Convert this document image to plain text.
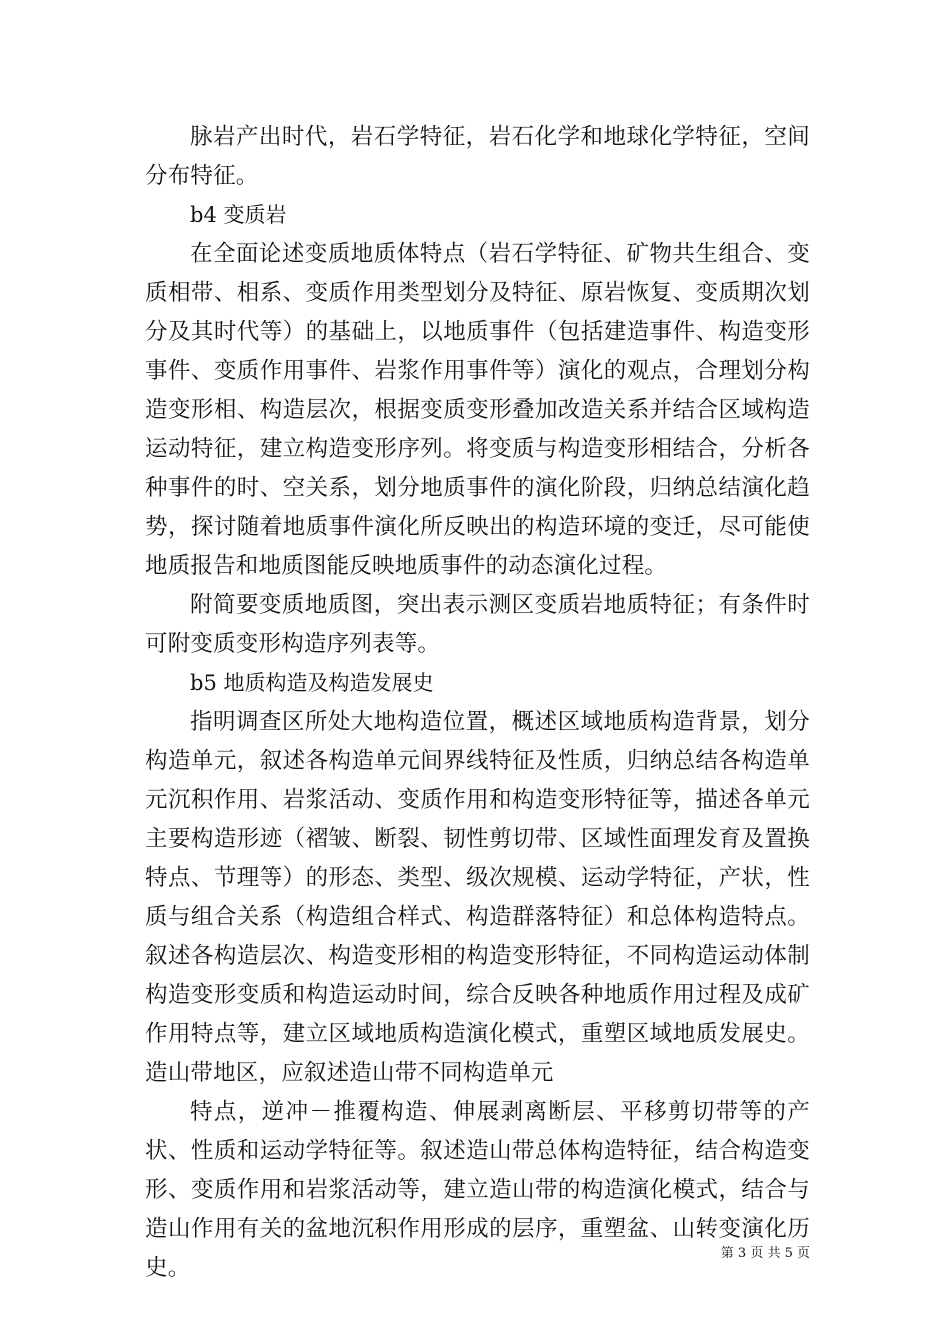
脉岩产出时代，岩石学特征，岩石化学和地球化学特征，空间分布特征。

b4 变质岩

在全面论述变质地质体特点（岩石学特征、矿物共生组合、变质相带、相系、变质作用类型划分及特征、原岩恢复、变质期次划分及其时代等）的基础上，以地质事件（包括建造事件、构造变形事件、变质作用事件、岩浆作用事件等）演化的观点，合理划分构造变形相、构造层次，根据变质变形叠加改造关系并结合区域构造运动特征，建立构造变形序列。将变质与构造变形相结合，分析各种事件的时、空关系，划分地质事件的演化阶段，归纳总结演化趋势，探讨随着地质事件演化所反映出的构造环境的变迁，尽可能使地质报告和地质图能反映地质事件的动态演化过程。

附简要变质地质图，突出表示测区变质岩地质特征；有条件时可附变质变形构造序列表等。

b5 地质构造及构造发展史

指明调查区所处大地构造位置，概述区域地质构造背景，划分构造单元，叙述各构造单元间界线特征及性质，归纳总结各构造单元沉积作用、岩浆活动、变质作用和构造变形特征等，描述各单元主要构造形迹（褶皱、断裂、韧性剪切带、区域性面理发育及置换特点、节理等）的形态、类型、级次规模、运动学特征，产状，性质与组合关系（构造组合样式、构造群落特征）和总体构造特点。叙述各构造层次、构造变形相的构造变形特征，不同构造运动体制构造变形变质和构造运动时间，综合反映各种地质作用过程及成矿作用特点等，建立区域地质构造演化模式，重塑区域地质发展史。造山带地区，应叙述造山带不同构造单元

特点，逆冲－推覆构造、伸展剥离断层、平移剪切带等的产状、性质和运动学特征等。叙述造山带总体构造特征，结合构造变形、变质作用和岩浆活动等，建立造山带的构造演化模式，结合与造山作用有关的盆地沉积作用形成的层序，重塑盆、山转变演化历史。

第 3 页 共 5 页
